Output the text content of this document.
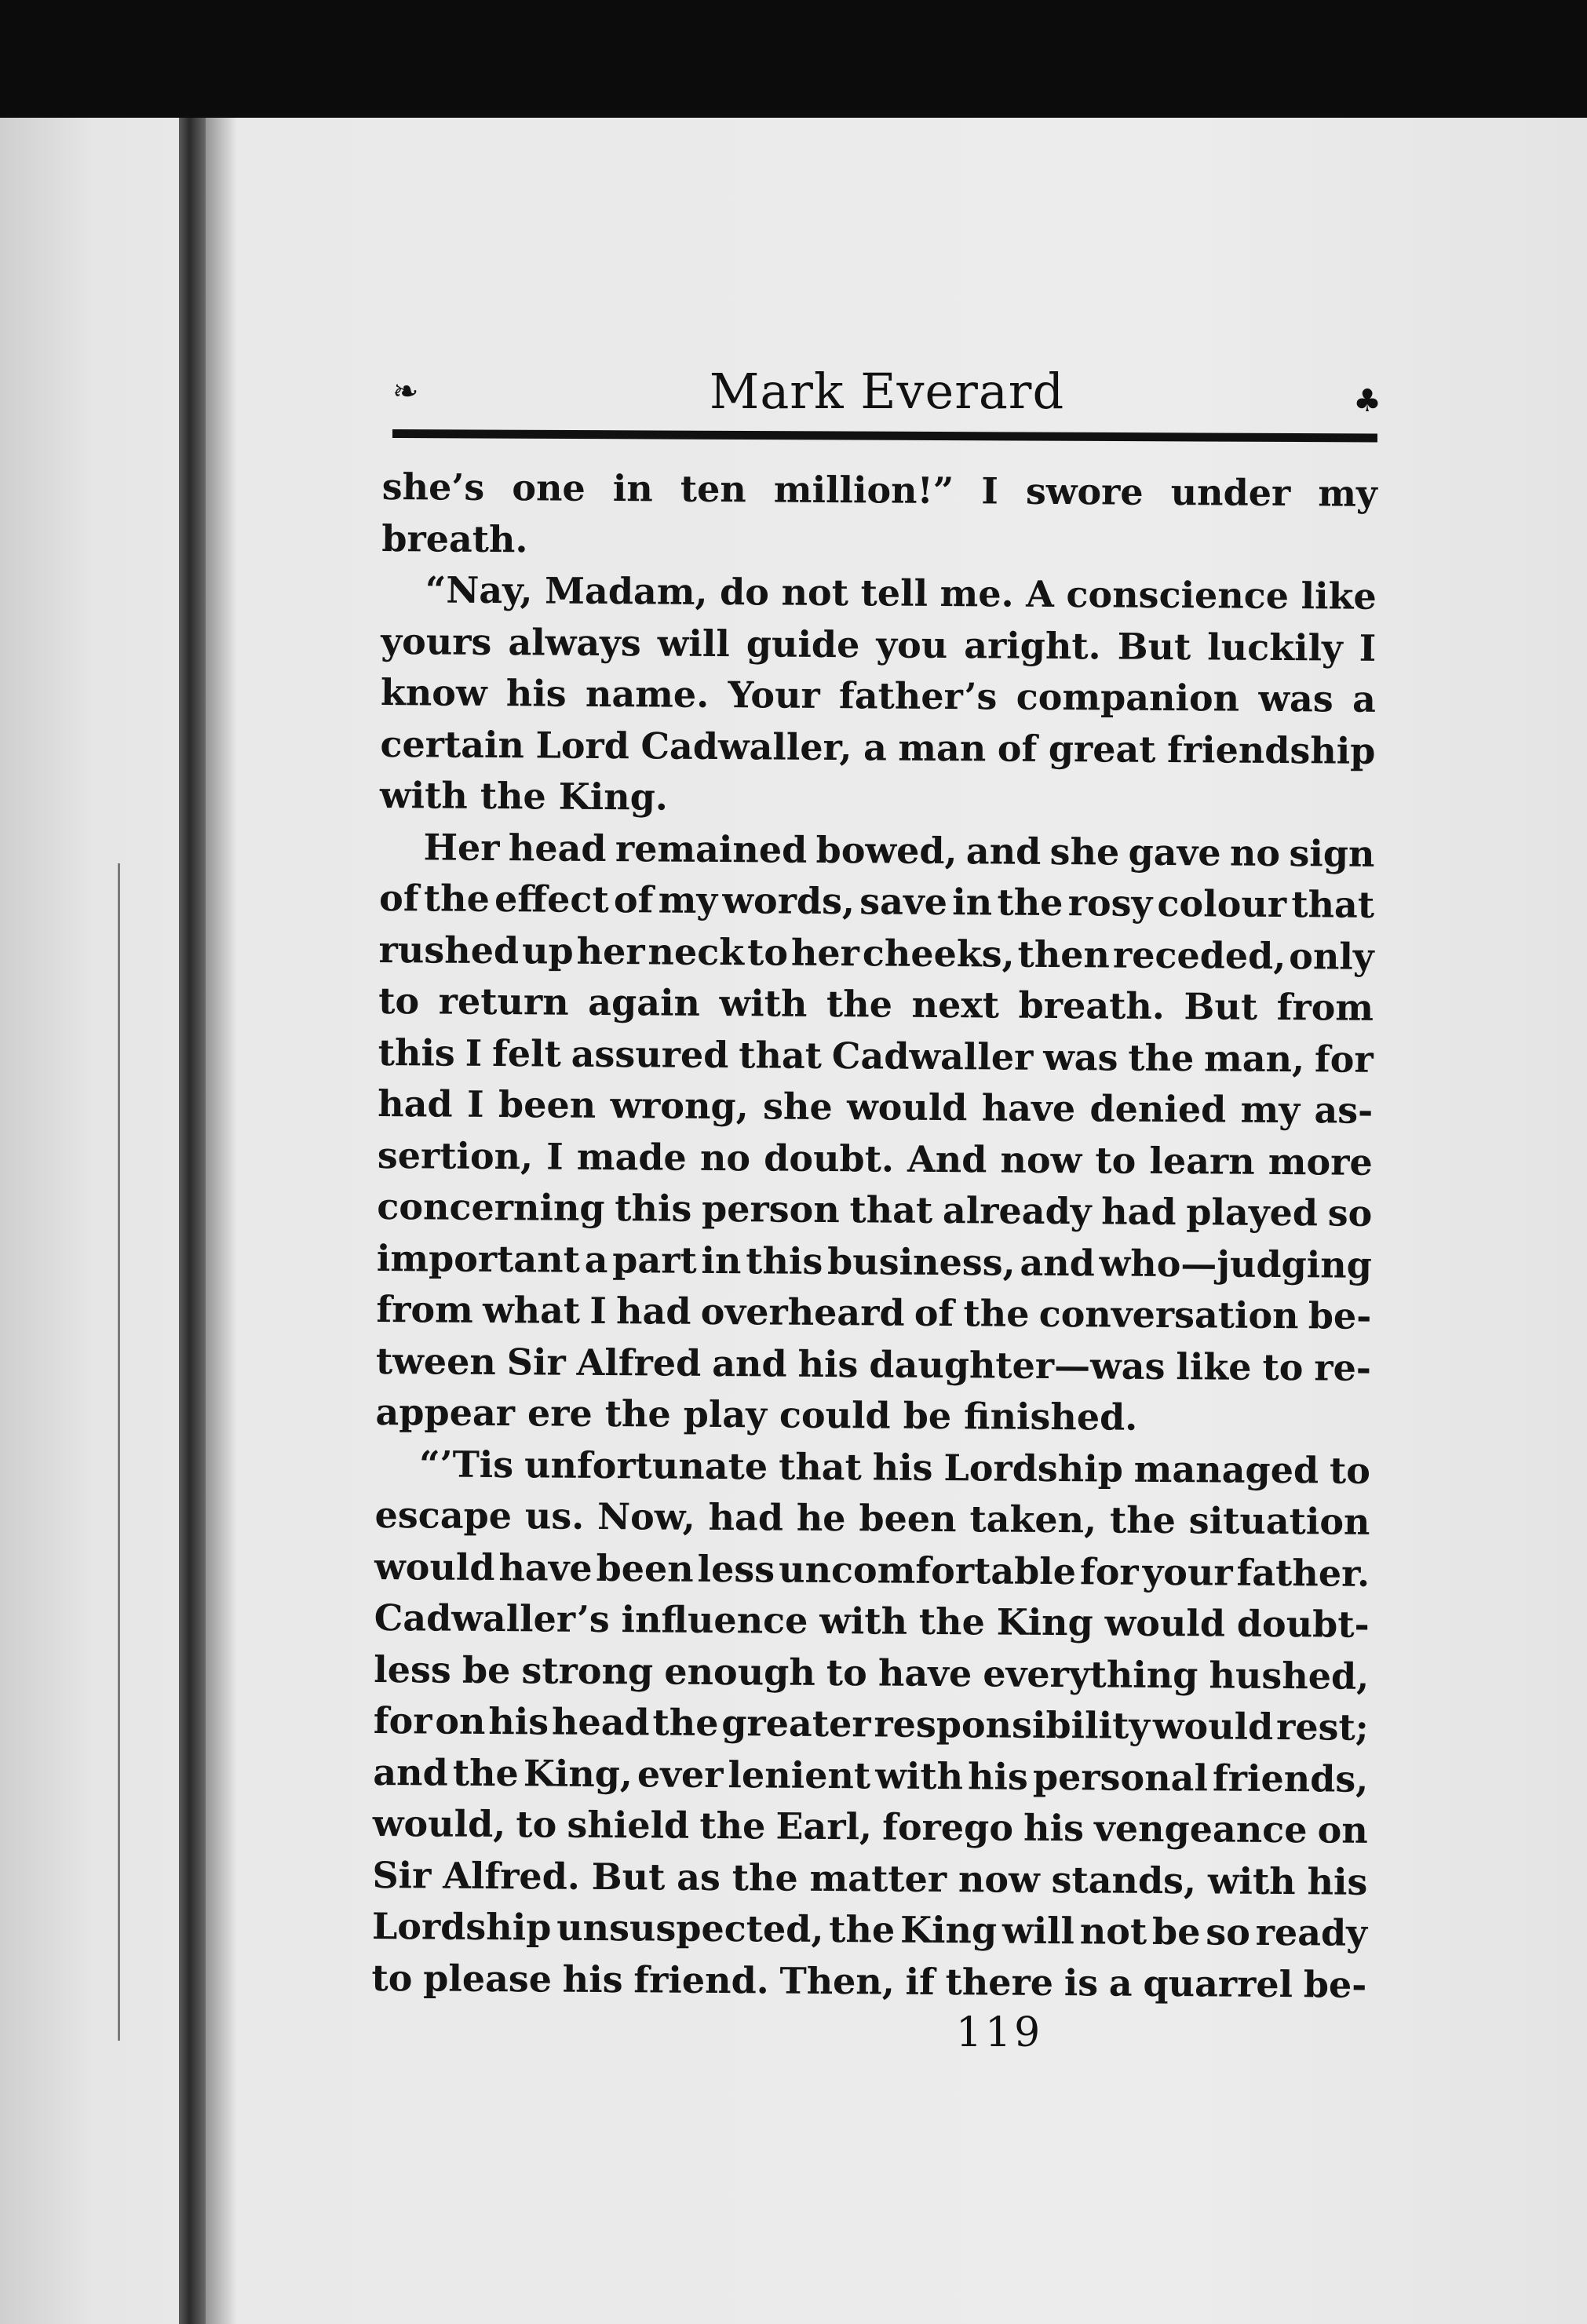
❧	Mark Everard	♣
she’s one in ten million!” I swore under my
breath.
“Nay, Madam, do not tell me. A conscience like
yours always will guide you aright. But luckily I
know his name. Your father’s companion was a
certain Lord Cadwaller, a man of great friendship
with the King.
Her head remained bowed, and she gave no sign
of the effect of my words, save in the rosy colour that
rushed up her neck to her cheeks, then receded, only
to return again with the next breath. But from
this I felt assured that Cadwaller was the man, for
had I been wrong, she would have denied my as-
sertion, I made no doubt. And now to learn more
concerning this person that already had played so
important a part in this business, and who—judging
from what I had overheard of the conversation be-
tween Sir Alfred and his daughter—was like to re-
appear ere the play could be finished.
“’Tis unfortunate that his Lordship managed to
escape us. Now, had he been taken, the situation
would have been less uncomfortable for your father.
Cadwaller’s influence with the King would doubt-
less be strong enough to have everything hushed,
for on his head the greater responsibility would rest;
and the King, ever lenient with his personal friends,
would, to shield the Earl, forego his vengeance on
Sir Alfred. But as the matter now stands, with his
Lordship unsuspected, the King will not be so ready
to please his friend. Then, if there is a quarrel be-
119
